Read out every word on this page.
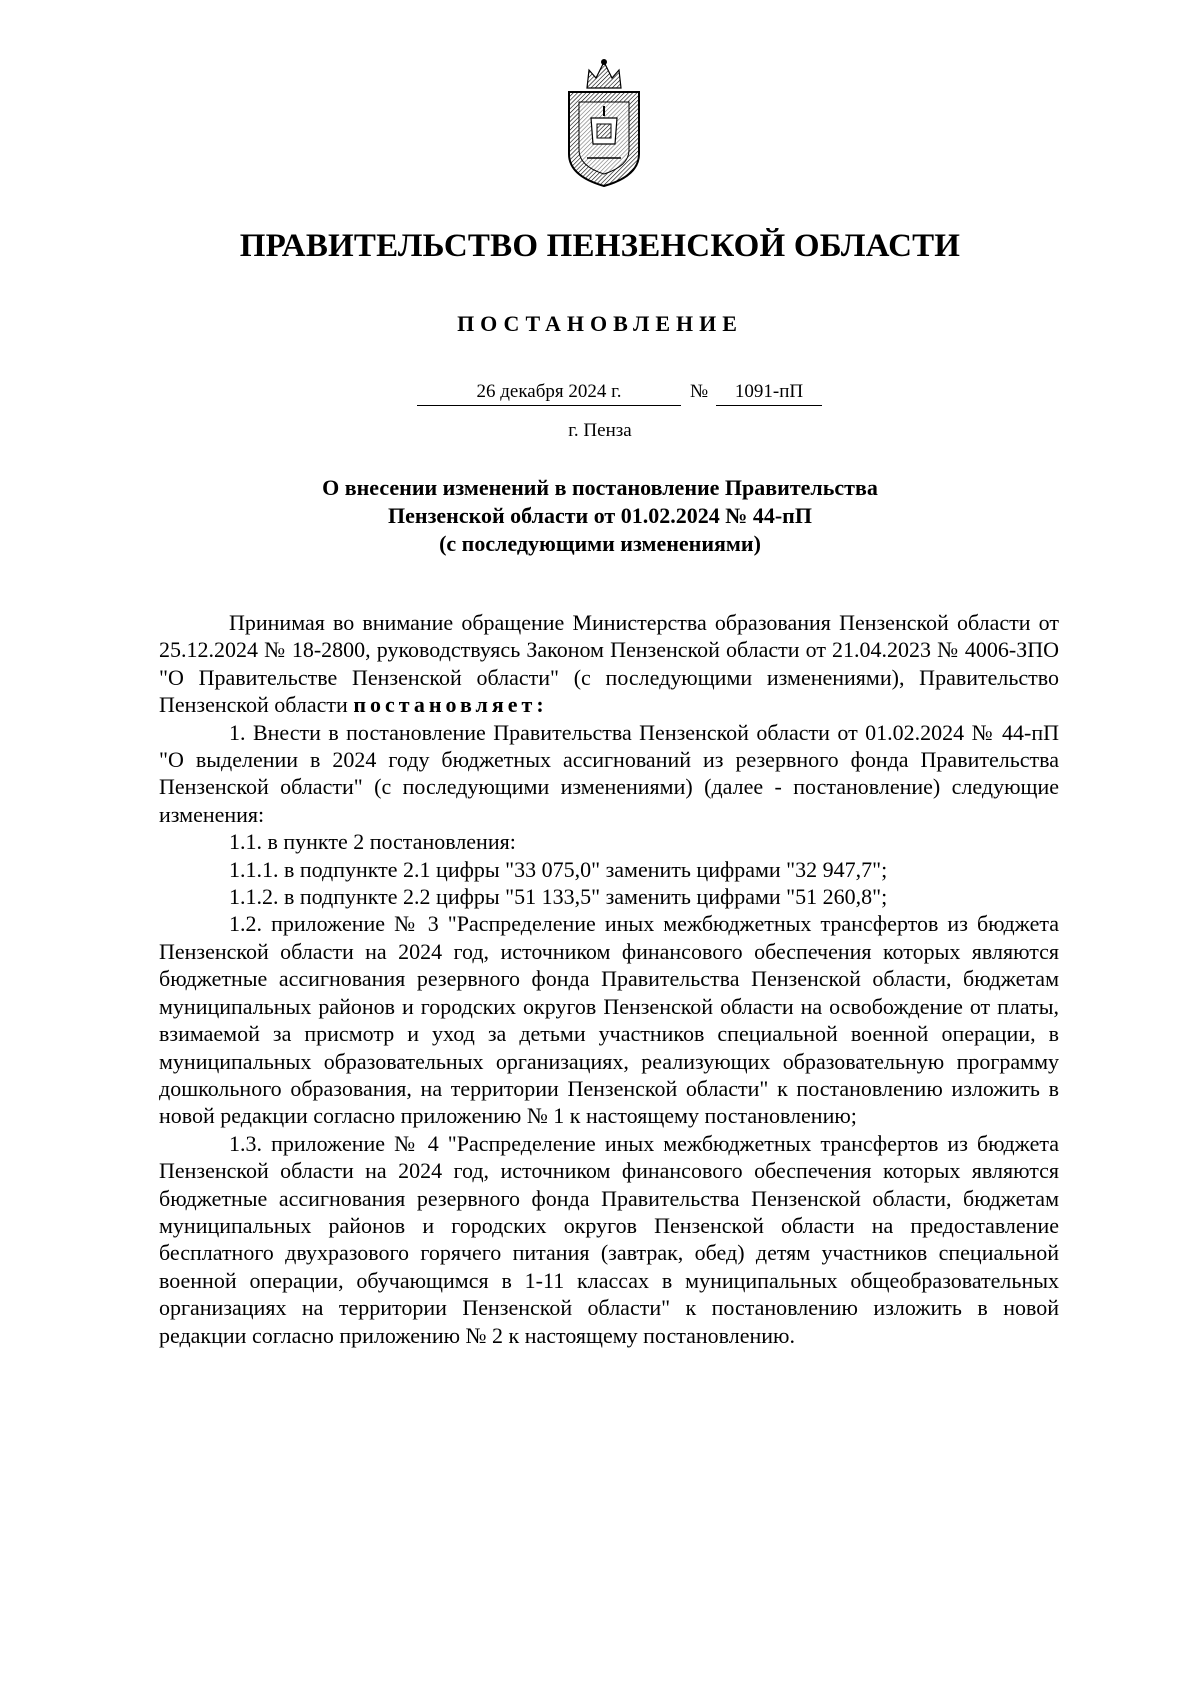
ПРАВИТЕЛЬСТВО ПЕНЗЕНСКОЙ ОБЛАСТИ
ПОСТАНОВЛЕНИЕ
26 декабря 2024 г.	№	1091-пП
г. Пенза
О внесении изменений в постановление Правительства
Пензенской области от 01.02.2024 № 44-пП
(с последующими изменениями)

Принимая во внимание обращение Министерства образования Пензенской области от 25.12.2024 № 18-2800, руководствуясь Законом Пензенской области от 21.04.2023 № 4006-ЗПО "О Правительстве Пензенской области" (с последующими изменениями), Правительство Пензенской области постановляет:

1. Внести в постановление Правительства Пензенской области от 01.02.2024 № 44-пП "О выделении в 2024 году бюджетных ассигнований из резервного фонда Правительства Пензенской области" (с последующими изменениями) (далее - постановление) следующие изменения:

1.1. в пункте 2 постановления:

1.1.1. в подпункте 2.1 цифры "33 075,0" заменить цифрами "32 947,7";

1.1.2. в подпункте 2.2 цифры "51 133,5" заменить цифрами "51 260,8";

1.2. приложение № 3 "Распределение иных межбюджетных трансфертов из бюджета Пензенской области на 2024 год, источником финансового обеспечения которых являются бюджетные ассигнования резервного фонда Правительства Пензенской области, бюджетам муниципальных районов и городских округов Пензенской области на освобождение от платы, взимаемой за присмотр и уход за детьми участников специальной военной операции, в муниципальных образовательных организациях, реализующих образовательную программу дошкольного образования, на территории Пензенской области" к постановлению изложить в новой редакции согласно приложению № 1 к настоящему постановлению;

1.3. приложение № 4 "Распределение иных межбюджетных трансфертов из бюджета Пензенской области на 2024 год, источником финансового обеспечения которых являются бюджетные ассигнования резервного фонда Правительства Пензенской области, бюджетам муниципальных районов и городских округов Пензенской области на предоставление бесплатного двухразового горячего питания (завтрак, обед) детям участников специальной военной операции, обучающимся в 1-11 классах в муниципальных общеобразовательных организациях на территории Пензенской области" к постановлению изложить в новой редакции согласно приложению № 2 к настоящему постановлению.
